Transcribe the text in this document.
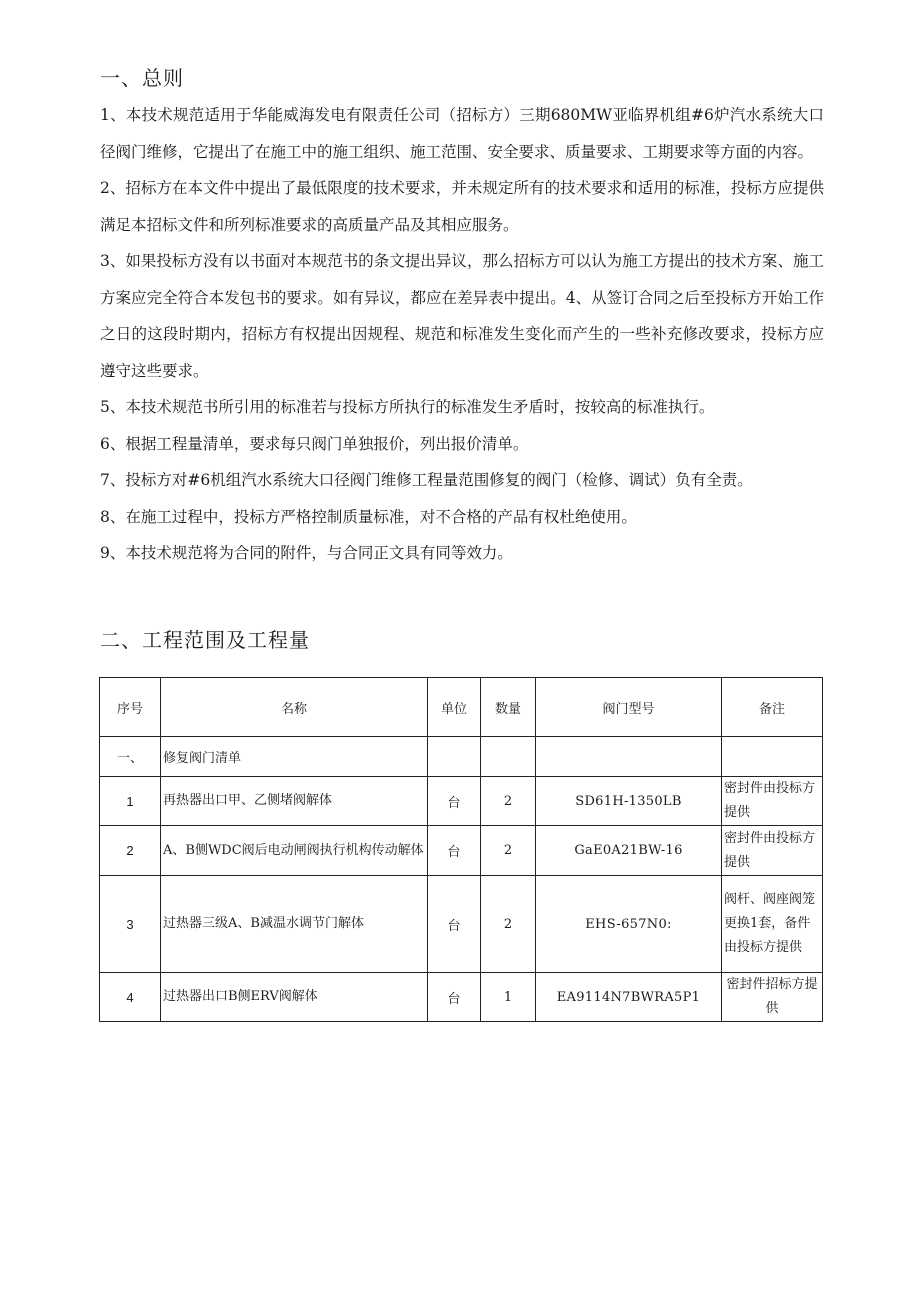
一、总则

1、本技术规范适用于华能威海发电有限责任公司（招标方）三期680MW亚临界机组#6炉汽水系统大口径阀门维修，它提出了在施工中的施工组织、施工范围、安全要求、质量要求、工期要求等方面的内容。

2、招标方在本文件中提出了最低限度的技术要求，并未规定所有的技术要求和适用的标准，投标方应提供满足本招标文件和所列标准要求的高质量产品及其相应服务。

3、如果投标方没有以书面对本规范书的条文提出异议，那么招标方可以认为施工方提出的技术方案、施工方案应完全符合本发包书的要求。如有异议，都应在差异表中提出。4、从签订合同之后至投标方开始工作之日的这段时期内，招标方有权提出因规程、规范和标准发生变化而产生的一些补充修改要求，投标方应遵守这些要求。

5、本技术规范书所引用的标准若与投标方所执行的标准发生矛盾时，按较高的标准执行。

6、根据工程量清单，要求每只阀门单独报价，列出报价清单。

7、投标方对#6机组汽水系统大口径阀门维修工程量范围修复的阀门（检修、调试）负有全责。

8、在施工过程中，投标方严格控制质量标准，对不合格的产品有权杜绝使用。

9、本技术规范将为合同的附件，与合同正文具有同等效力。

二、工程范围及工程量
序号	名称	单位	数量	阀门型号	备注
一、	修复阀门清单				
1	再热器出口甲、乙侧堵阀解体	台	2	SD61H-1350LB	密封件由投标方提供
2	A、B侧WDC阀后电动闸阀执行机构传动解体	台	2	GaE0A21BW-16	密封件由投标方提供
3	过热器三级A、B减温水调节门解体	台	2	EHS-657N0:	阀杆、阀座阀笼更换1套，备件由投标方提供
4	过热器出口B侧ERV阀解体	台	1	EA9114N7BWRA5P1	密封件招标方提供
